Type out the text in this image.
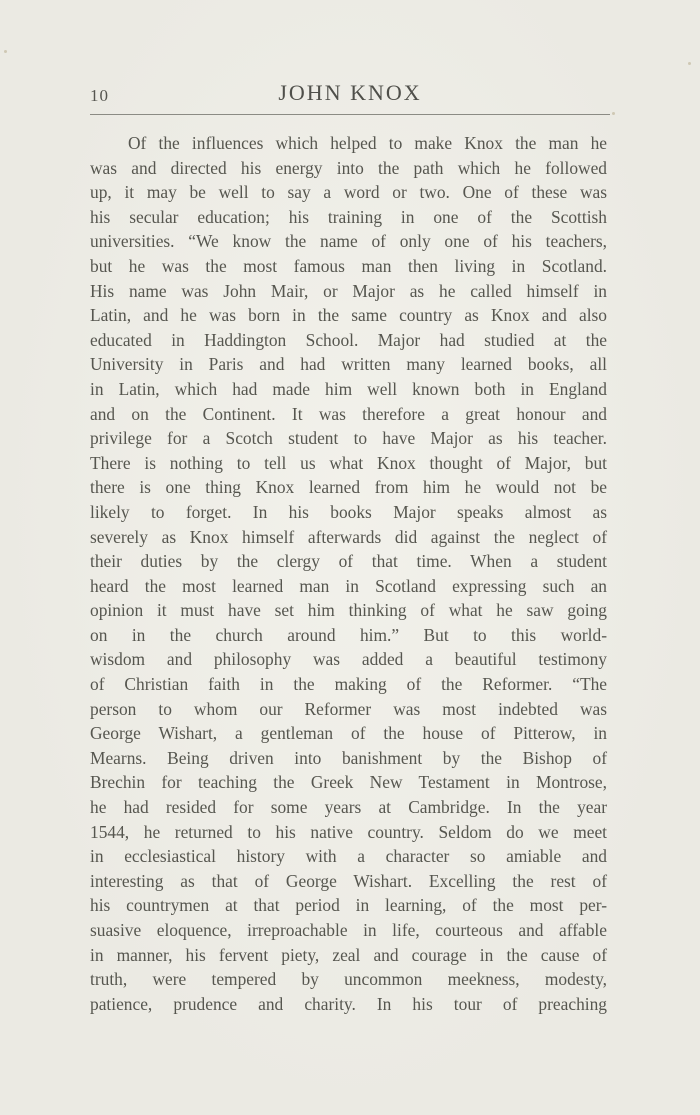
10	JOHN KNOX
Of the influences which helped to make Knox the man he
was and directed his energy into the path which he followed
up, it may be well to say a word or two. One of these was
his secular education; his training in one of the Scottish
universities. “We know the name of only one of his teachers,
but he was the most famous man then living in Scotland.
His name was John Mair, or Major as he called himself in
Latin, and he was born in the same country as Knox and also
educated in Haddington School. Major had studied at the
University in Paris and had written many learned books, all
in Latin, which had made him well known both in England
and on the Continent. It was therefore a great honour and
privilege for a Scotch student to have Major as his teacher.
There is nothing to tell us what Knox thought of Major, but
there is one thing Knox learned from him he would not be
likely to forget. In his books Major speaks almost as
severely as Knox himself afterwards did against the neglect of
their duties by the clergy of that time. When a student
heard the most learned man in Scotland expressing such an
opinion it must have set him thinking of what he saw going
on in the church around him.” But to this world-
wisdom and philosophy was added a beautiful testimony
of Christian faith in the making of the Reformer. “The
person to whom our Reformer was most indebted was
George Wishart, a gentleman of the house of Pitterow, in
Mearns. Being driven into banishment by the Bishop of
Brechin for teaching the Greek New Testament in Montrose,
he had resided for some years at Cambridge. In the year
1544, he returned to his native country. Seldom do we meet
in ecclesiastical history with a character so amiable and
interesting as that of George Wishart. Excelling the rest of
his countrymen at that period in learning, of the most per-
suasive eloquence, irreproachable in life, courteous and affable
in manner, his fervent piety, zeal and courage in the cause of
truth, were tempered by uncommon meekness, modesty,
patience, prudence and charity. In his tour of preaching
